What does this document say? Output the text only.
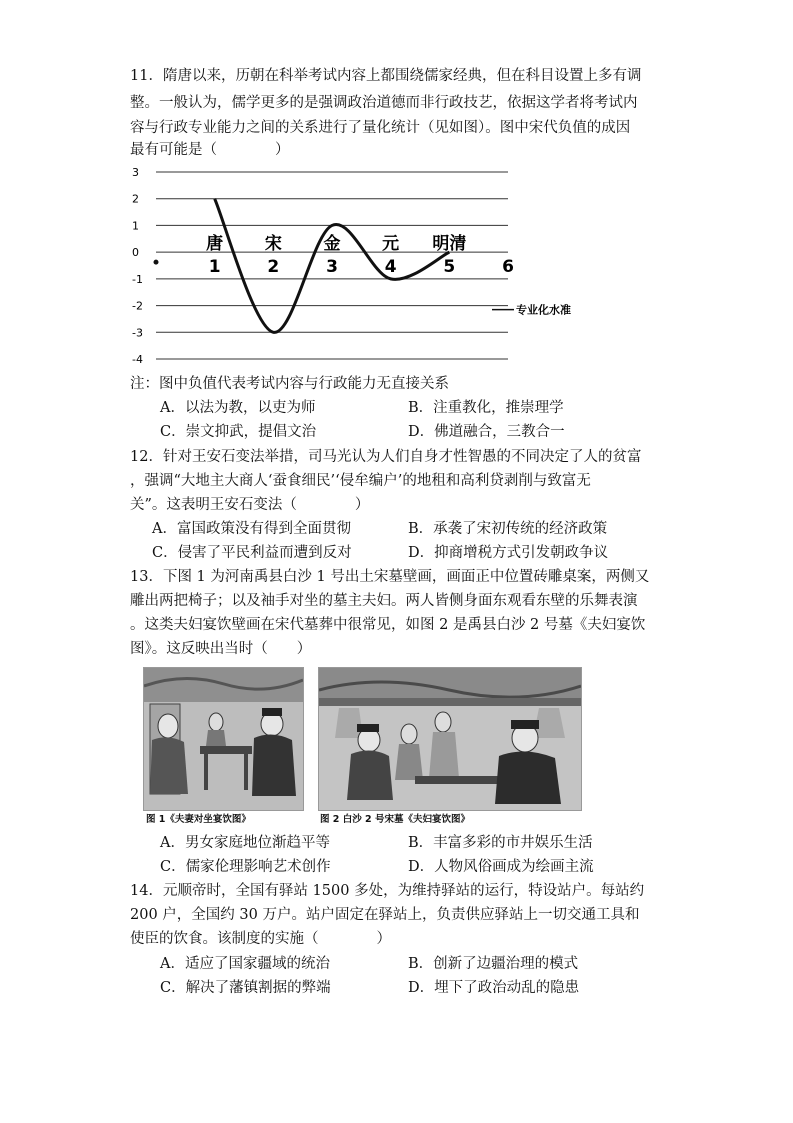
11．隋唐以来，历朝在科举考试内容上都围绕儒家经典，但在科目设置上多有调
整。一般认为，儒学更多的是强调政治道德而非行政技艺，依据这学者将考试内
容与行政专业能力之间的关系进行了量化统计（见如图）。图中宋代负值的成因
最有可能是（　　　　）
3
2
1
0
-1
-2
-3
-4
1	2	3	4	5	6
唐 宋 金 元 明清
专业化水准
注：图中负值代表考试内容与行政能力无直接关系
A．以法为教，以吏为师	B．注重教化，推崇理学
C．崇文抑武，提倡文治	D．佛道融合，三教合一
12．针对王安石变法举措，司马光认为人们自身才性智愚的不同决定了人的贫富
，强调“大地主大商人‘蚕食细民’‘侵牟编户’的地租和高利贷剥削与致富无
关”。这表明王安石变法（　　　　）
A．富国政策没有得到全面贯彻	B．承袭了宋初传统的经济政策
C．侵害了平民利益而遭到反对	D．抑商增税方式引发朝政争议
13．下图 1 为河南禹县白沙 1 号出土宋墓壁画，画面正中位置砖雕桌案，两侧又
雕出两把椅子；以及袖手对坐的墓主夫妇。两人皆侧身面东观看东壁的乐舞表演
。这类夫妇宴饮壁画在宋代墓葬中很常见，如图 2 是禹县白沙 2 号墓《夫妇宴饮
图》。这反映出当时（　　）
图 1《夫妻对坐宴饮图》	图 2 白沙 2 号宋墓《夫妇宴饮图》
A．男女家庭地位渐趋平等	B．丰富多彩的市井娱乐生活
C．儒家伦理影响艺术创作	D．人物风俗画成为绘画主流
14．元顺帝时，全国有驿站 1500 多处，为维持驿站的运行，特设站户。每站约
200 户，全国约 30 万户。站户固定在驿站上，负责供应驿站上一切交通工具和
使臣的饮食。该制度的实施（　　　　）
A．适应了国家疆域的统治	B．创新了边疆治理的模式
C．解决了藩镇割据的弊端	D．埋下了政治动乱的隐患
